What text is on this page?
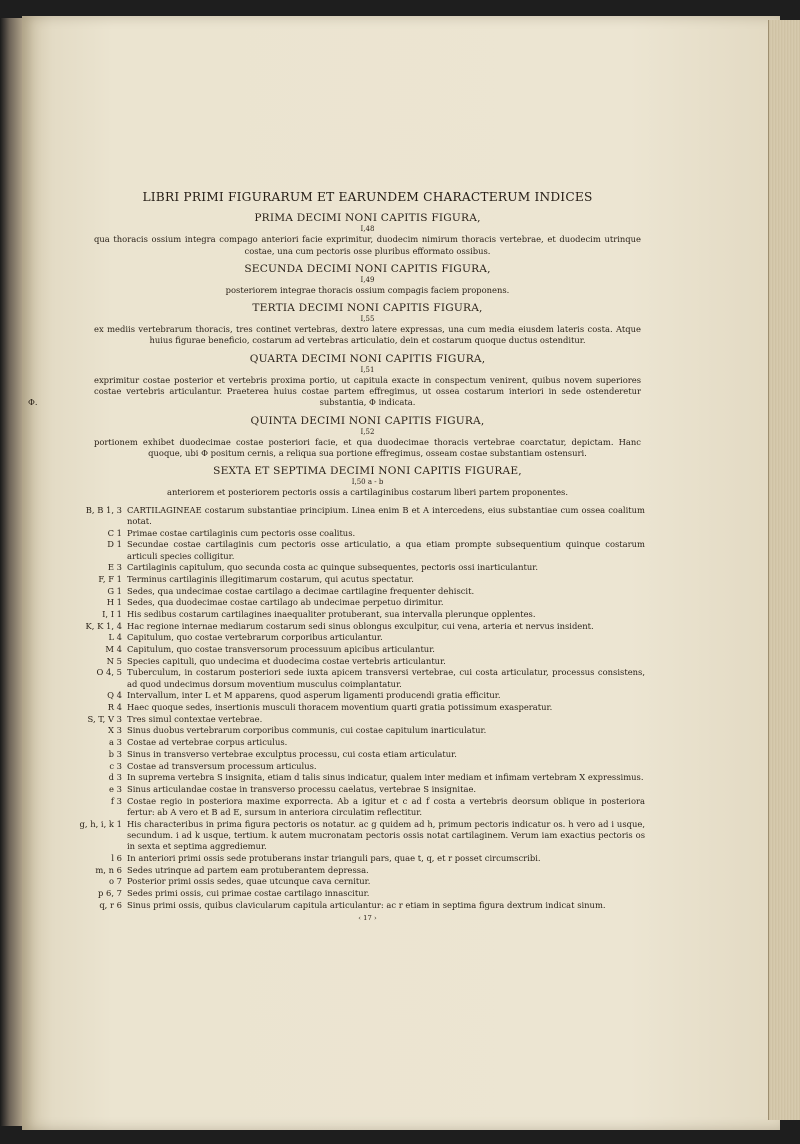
LIBRI PRIMI FIGURARUM ET EARUNDEM CHARACTERUM INDICES
PRIMA DECIMI NONI CAPITIS FIGURA,
I,48
qua thoracis ossium integra compago anteriori facie exprimitur, duodecim nimirum thoracis vertebrae, et duodecim utrinque costae, una cum pectoris osse pluribus efformato ossibus.
SECUNDA DECIMI NONI CAPITIS FIGURA,
I,49
posteriorem integrae thoracis ossium compagis faciem proponens.
TERTIA DECIMI NONI CAPITIS FIGURA,
I,55
ex mediis vertebrarum thoracis, tres continet vertebras, dextro latere expressas, una cum media eiusdem lateris costa. Atque huius figurae beneficio, costarum ad vertebras articulatio, dein et costarum quoque ductus ostenditur.
QUARTA DECIMI NONI CAPITIS FIGURA,
I,51
exprimitur costae posterior et vertebris proxima portio, ut capitula exacte in conspectum venirent, quibus novem superiores costae vertebris articulantur. Praeterea huius costae partem effregimus, ut ossea costarum interiori in sede ostenderetur substantia, Φ indicata.
Φ.
QUINTA DECIMI NONI CAPITIS FIGURA,
I,52
portionem exhibet duodecimae costae posteriori facie, et qua duodecimae thoracis vertebrae coarctatur, depictam. Hanc quoque, ubi Φ positum cernis, a reliqua sua portione effregimus, osseam costae substantiam ostensuri.
SEXTA ET SEPTIMA DECIMI NONI CAPITIS FIGURAE,
I,50 a - b
anteriorem et posteriorem pectoris ossis a cartilaginibus costarum liberi partem proponentes.
B, B 1, 3 CARTILAGINEAE costarum substantiae principium. Linea enim B et A intercedens, eius substantiae cum ossea coalitum notat.
C 1 Primae costae cartilaginis cum pectoris osse coalitus.
D 1 Secundae costae cartilaginis cum pectoris osse articulatio, a qua etiam prompte subsequentium quinque costarum articuli species colligitur.
E 3 Cartilaginis capitulum, quo secunda costa ac quinque subsequentes, pectoris ossi inarticulantur.
F, F 1 Terminus cartilaginis illegitimarum costarum, qui acutus spectatur.
G 1 Sedes, qua undecimae costae cartilago a decimae cartilagine frequenter dehiscit.
H 1 Sedes, qua duodecimae costae cartilago ab undecimae perpetuo dirimitur.
I, I 1 His sedibus costarum cartilagines inaequaliter protuberant, sua intervalla plerunque opplentes.
K, K 1, 4 Hac regione internae mediarum costarum sedi sinus oblongus exculpitur, cui vena, arteria et nervus insident.
L 4 Capitulum, quo costae vertebrarum corporibus articulantur.
M 4 Capitulum, quo costae transversorum processuum apicibus articulantur.
N 5 Species capituli, quo undecima et duodecima costae vertebris articulantur.
O 4, 5 Tuberculum, in costarum posteriori sede iuxta apicem transversi vertebrae, cui costa articulatur, processus consistens, ad quod undecimus dorsum moventium musculus coimplantatur.
Q 4 Intervallum, inter L et M apparens, quod asperum ligamenti producendi gratia efficitur.
R 4 Haec quoque sedes, insertionis musculi thoracem moventium quarti gratia potissimum exasperatur.
S, T, V 3 Tres simul contextae vertebrae.
X 3 Sinus duobus vertebrarum corporibus communis, cui costae capitulum inarticulatur.
a 3 Costae ad vertebrae corpus articulus.
b 3 Sinus in transverso vertebrae exculptus processu, cui costa etiam articulatur.
c 3 Costae ad transversum processum articulus.
d 3 In suprema vertebra S insignita, etiam d talis sinus indicatur, qualem inter mediam et infimam vertebram X expressimus.
e 3 Sinus articulandae costae in transverso processu caelatus, vertebrae S insignitae.
f 3 Costae regio in posteriora maxime exporrecta. Ab a igitur et c ad f costa a vertebris deorsum oblique in posteriora fertur: ab A vero et B ad E, sursum in anteriora circulatim reflectitur.
g, h, i, k 1 His characteribus in prima figura pectoris os notatur. ac g quidem ad h, primum pectoris indicatur os. h vero ad i usque, secundum. i ad k usque, tertium. k autem mucronatam pectoris ossis notat cartilaginem. Verum iam exactius pectoris os in sexta et septima aggrediemur.
l 6 In anteriori primi ossis sede protuberans instar trianguli pars, quae t, q, et r posset circumscribi.
m, n 6 Sedes utrinque ad partem eam protuberantem depressa.
o 7 Posterior primi ossis sedes, quae utcunque cava cernitur.
p 6, 7 Sedes primi ossis, cui primae costae cartilago innascitur.
q, r 6 Sinus primi ossis, quibus clavicularum capitula articulantur: ac r etiam in septima figura dextrum indicat sinum.
‹ 17 ›
